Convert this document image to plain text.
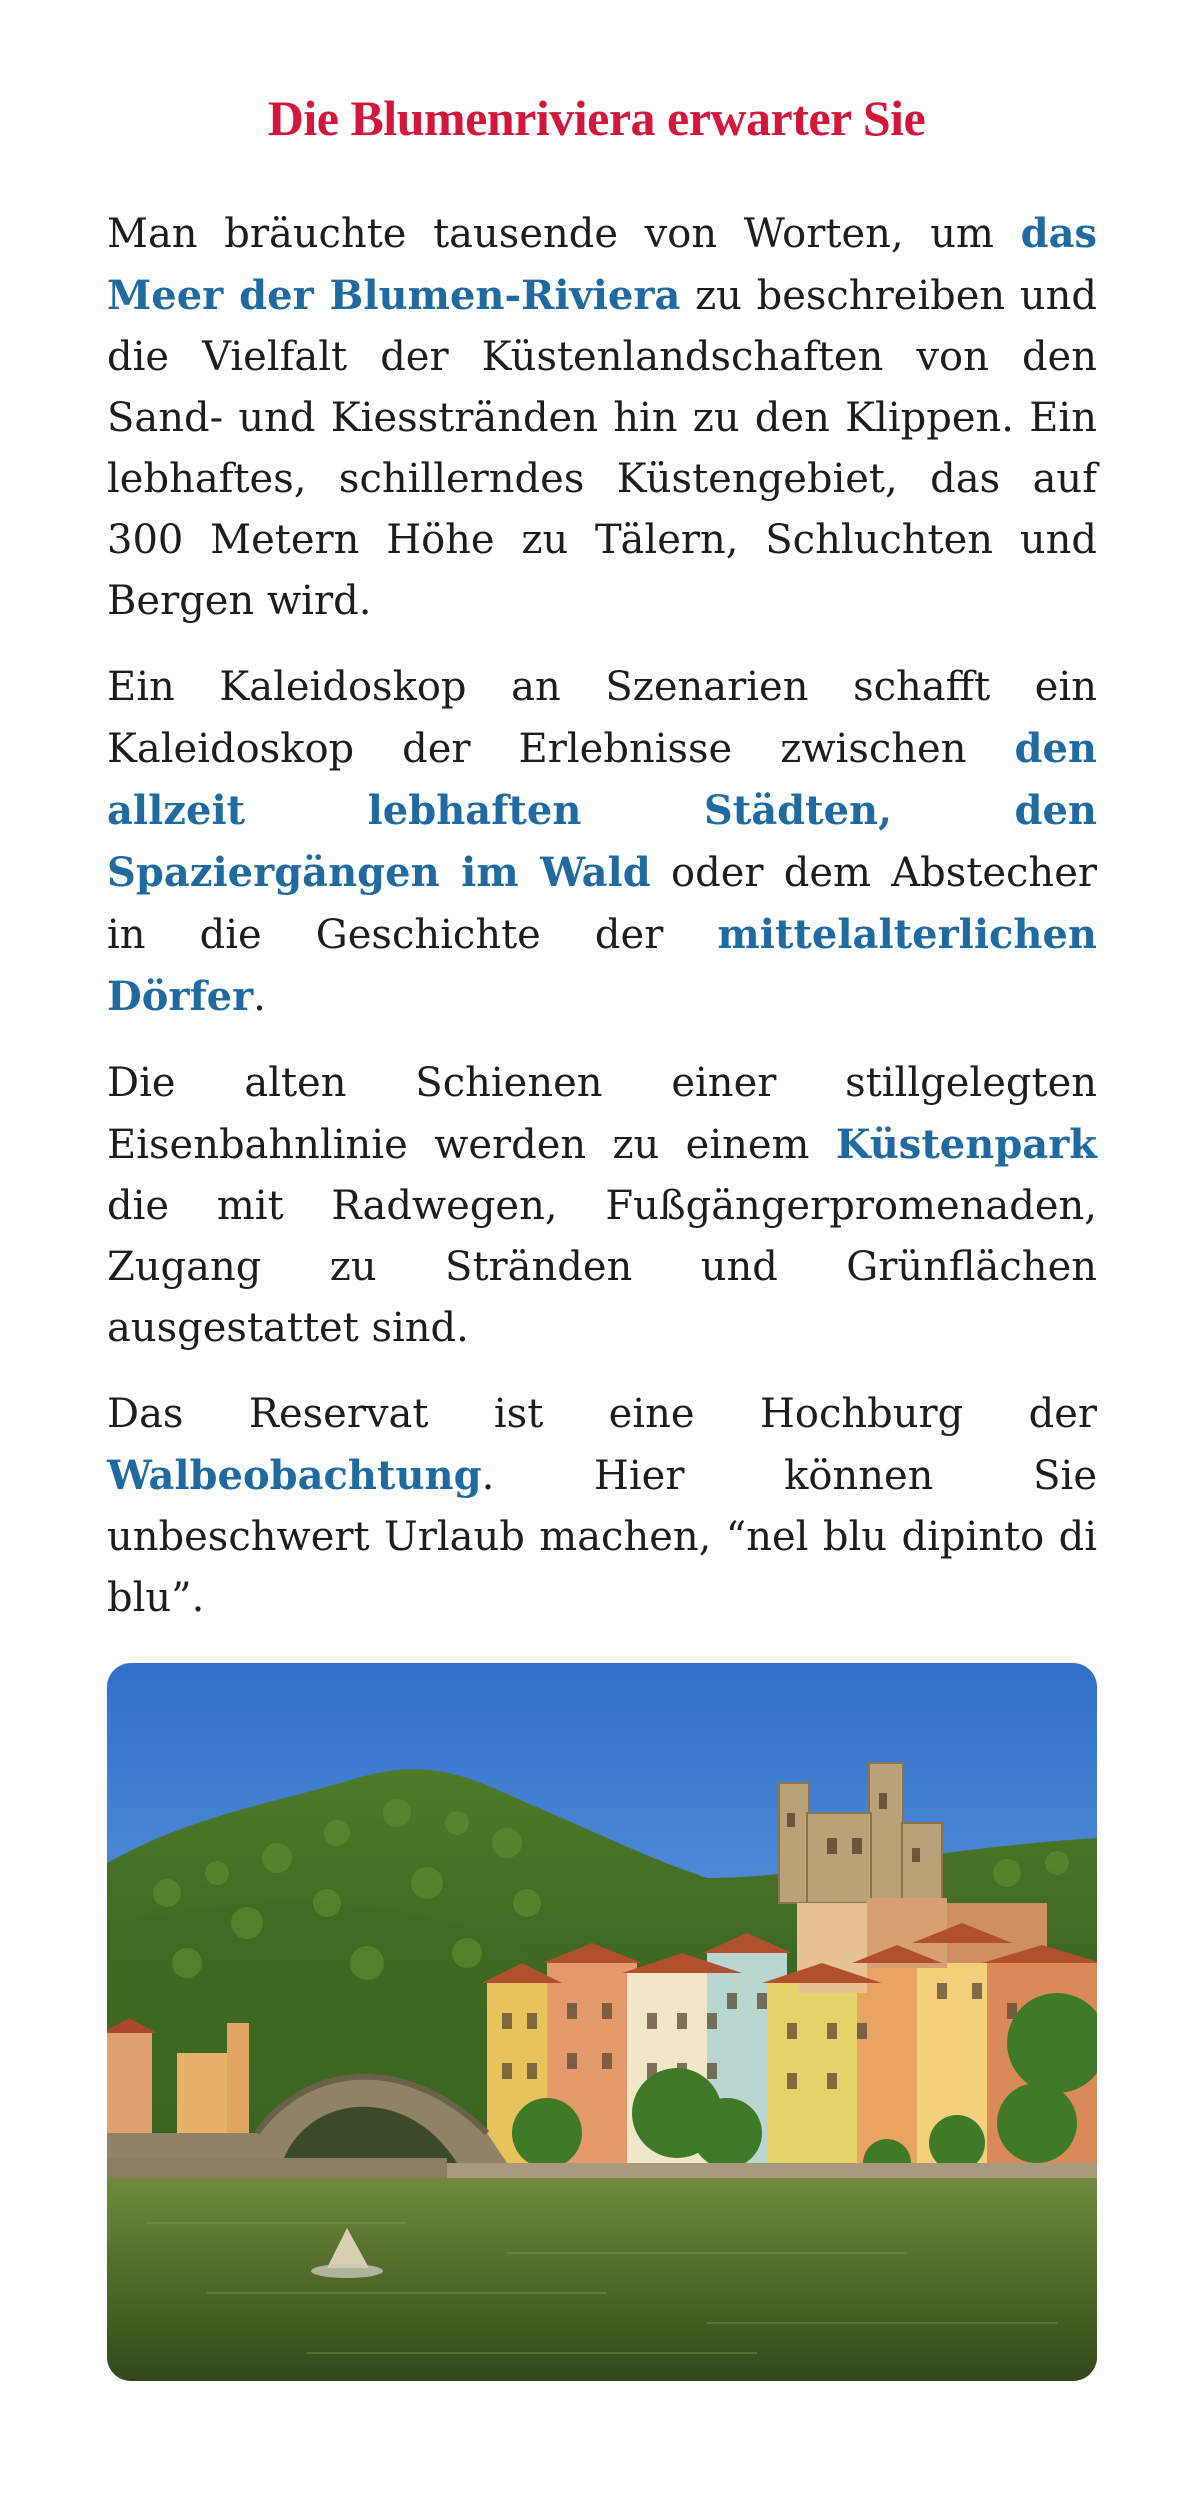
Die Blumenriviera erwarter Sie

Man bräuchte tausende von Worten, um das Meer der Blumen-Riviera zu beschreiben und die Vielfalt der Küstenlandschaften von den Sand- und Kiesstränden hin zu den Klippen. Ein lebhaftes, schillerndes Küstengebiet, das auf 300 Metern Höhe zu Tälern, Schluchten und Bergen wird.

Ein Kaleidoskop an Szenarien schafft ein Kaleidoskop der Erlebnisse zwischen den allzeit lebhaften Städten, den Spaziergängen im Wald oder dem Abstecher in die Geschichte der mittelalterlichen Dörfer.

Die alten Schienen einer stillgelegten Eisenbahnlinie werden zu einem Küstenpark die mit Radwegen, Fußgängerpromenaden, Zugang zu Stränden und Grünflächen ausgestattet sind.

Das Reservat ist eine Hochburg der Walbeobachtung. Hier können Sie unbeschwert Urlaub machen, “nel blu dipinto di blu”.
